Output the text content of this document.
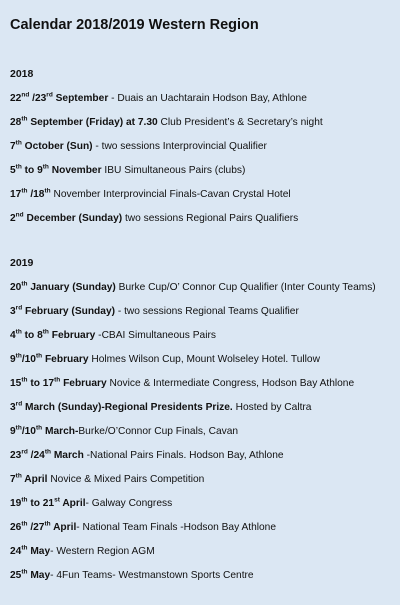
Calendar 2018/2019 Western Region
2018
22nd /23rd September - Duais an Uachtarain Hodson Bay, Athlone
28th September (Friday) at 7.30 Club President’s & Secretary’s night
7th October (Sun) - two sessions Interprovincial Qualifier
5th to 9th November IBU Simultaneous Pairs (clubs)
17th /18th November Interprovincial Finals-Cavan Crystal Hotel
2nd December (Sunday) two sessions Regional Pairs Qualifiers
2019
20th January (Sunday) Burke Cup/O’ Connor Cup Qualifier (Inter County Teams)
3rd February (Sunday) - two sessions Regional Teams Qualifier
4th to 8th February -CBAI Simultaneous Pairs
9th/10th February Holmes Wilson Cup, Mount Wolseley Hotel. Tullow
15th to 17th February Novice & Intermediate Congress, Hodson Bay Athlone
3rd March (Sunday)-Regional Presidents Prize. Hosted by Caltra
9th/10th March-Burke/O’Connor Cup Finals, Cavan
23rd /24th March -National Pairs Finals. Hodson Bay, Athlone
7th April Novice & Mixed Pairs Competition
19th to 21st April- Galway Congress
26th /27th April- National Team Finals -Hodson Bay Athlone
24th May- Western Region AGM
25th May- 4Fun Teams- Westmanstown Sports Centre
